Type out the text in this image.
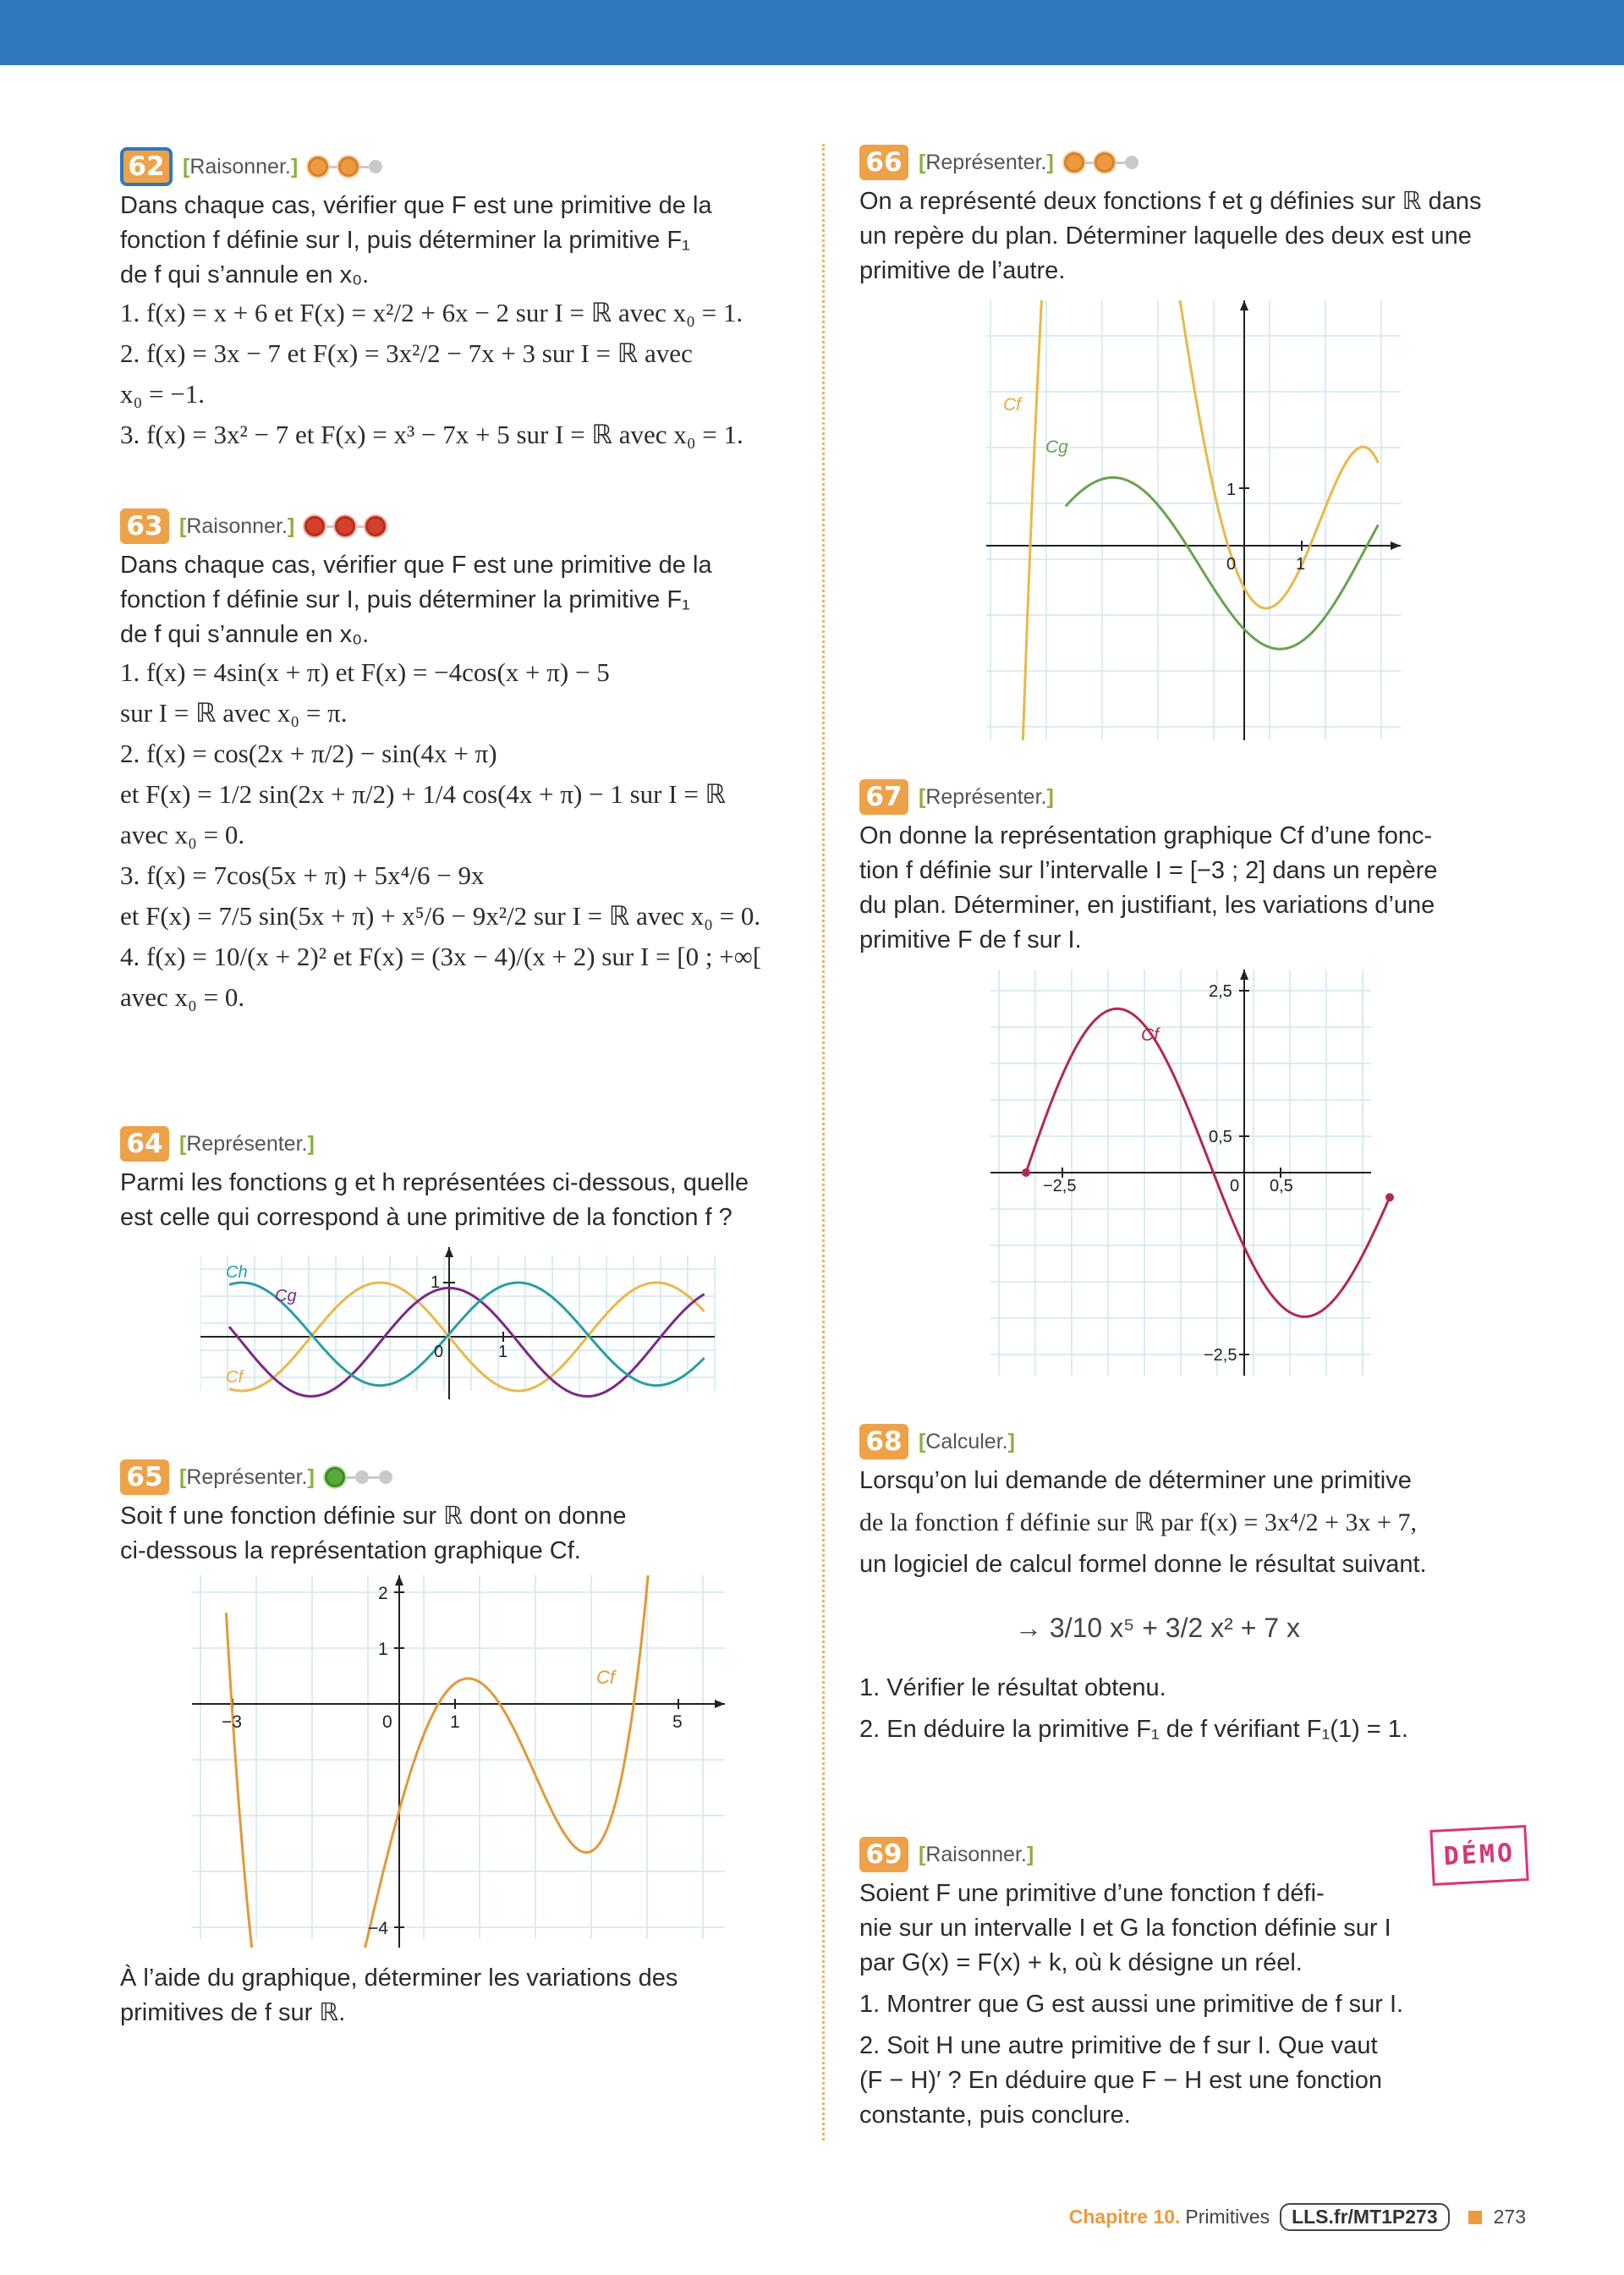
62 [Raisonner.]

Dans chaque cas, vérifier que F est une primitive de la

fonction f définie sur I, puis déterminer la primitive F₁

de f qui s’annule en x₀.

1. f(x) = x + 6 et F(x) = x²/2 + 6x − 2 sur I = ℝ avec x₀ = 1.

2. f(x) = 3x − 7 et F(x) = 3x²/2 − 7x + 3 sur I = ℝ avec

x₀ = −1.

3. f(x) = 3x² − 7 et F(x) = x³ − 7x + 5 sur I = ℝ avec x₀ = 1.

63 [Raisonner.]

Dans chaque cas, vérifier que F est une primitive de la

fonction f définie sur I, puis déterminer la primitive F₁

de f qui s’annule en x₀.

1. f(x) = 4sin(x + π) et F(x) = −4cos(x + π) − 5

sur I = ℝ avec x₀ = π.

2. f(x) = cos(2x + π/2) − sin(4x + π)

et F(x) = 1/2 sin(2x + π/2) + 1/4 cos(4x + π) − 1 sur I = ℝ

avec x₀ = 0.

3. f(x) = 7cos(5x + π) + 5x⁴/6 − 9x

et F(x) = 7/5 sin(5x + π) + x⁵/6 − 9x²/2 sur I = ℝ avec x₀ = 0.

4. f(x) = 10/(x + 2)² et F(x) = (3x − 4)/(x + 2) sur I = [0 ; +∞[

avec x₀ = 0.

64 [Représenter.]

Parmi les fonctions g et h représentées ci-dessous, quelle

est celle qui correspond à une primitive de la fonction f ?

Ch
Cg
Cf
1
0	1
65 [Représenter.]

Soit f une fonction définie sur ℝ dont on donne

ci-dessous la représentation graphique Cf.

2
1
−4
−3	0	1	5
Cf

À l’aide du graphique, déterminer les variations des

primitives de f sur ℝ.

66 [Représenter.]

On a représenté deux fonctions f et g définies sur ℝ dans

un repère du plan. Déterminer laquelle des deux est une

primitive de l’autre.

Cf
Cg
1
0	1
67 [Représenter.]

On donne la représentation graphique Cf d’une fonc-

tion f définie sur l’intervalle I = [−3 ; 2] dans un repère

du plan. Déterminer, en justifiant, les variations d’une

primitive F de f sur I.

2,5
0,5
−2,5
−2,5	0 0,5
Cf
68 [Calculer.]

Lorsqu’on lui demande de déterminer une primitive

de la fonction f définie sur ℝ par f(x) = 3x⁴/2 + 3x + 7,

un logiciel de calcul formel donne le résultat suivant.

→ 3/10 x⁵ + 3/2 x² + 7 x

1. Vérifier le résultat obtenu.

2. En déduire la primitive F₁ de f vérifiant F₁(1) = 1.

69 [Raisonner.]	DÉMO

Soient F une primitive d’une fonction f défi-

nie sur un intervalle I et G la fonction définie sur I

par G(x) = F(x) + k, où k désigne un réel.

1. Montrer que G est aussi une primitive de f sur I.

2. Soit H une autre primitive de f sur I. Que vaut

(F − H)′ ? En déduire que F − H est une fonction

constante, puis conclure.

Chapitre 10. Primitives	LLS.fr/MT1P273	273
